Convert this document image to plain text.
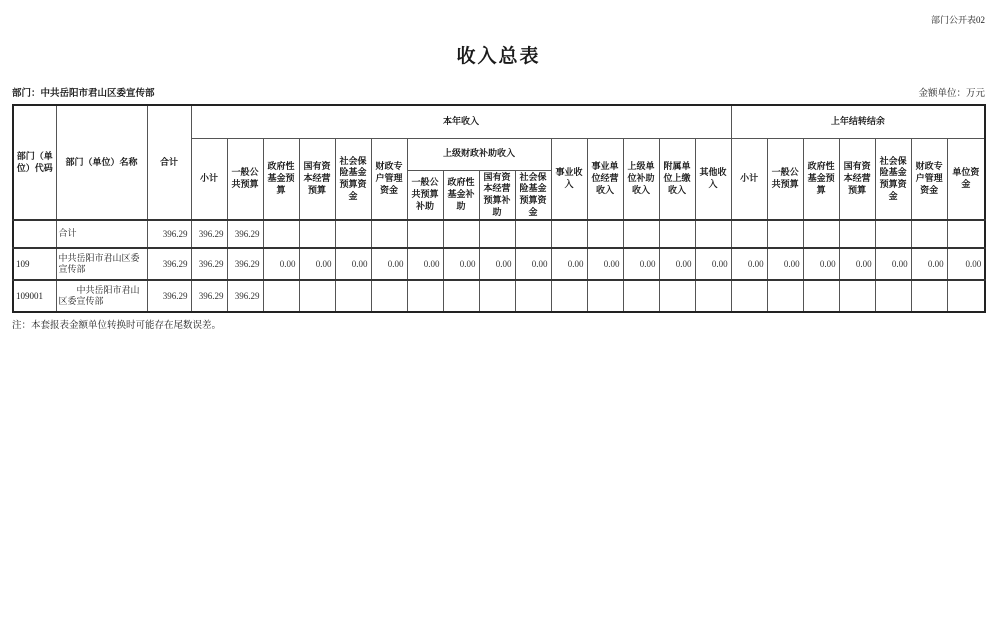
部门公开表02
收入总表
部门：中共岳阳市君山区委宣传部	金额单位：万元
部门（单位）代码	部门（单位）名称	合计	本年收入															上年结转结余						
			小计	一般公共预算	政府性基金预算	国有资本经营预算	社会保险基金预算资金	财政专户管理资金	上级财政补助收入				事业收入	事业单位经营收入	上级单位补助收入	附属单位上缴收入	其他收入	小计	一般公共预算	政府性基金预算	国有资本经营预算	社会保险基金预算资金	财政专户管理资金	单位资金
									一般公共预算补助	政府性基金补助	国有资本经营预算补助	社会保险基金预算资金												
	合计	396.29	396.29	396.29																				
109	中共岳阳市君山区委宣传部	396.29	396.29	396.29	0.00	0.00	0.00	0.00	0.00	0.00	0.00	0.00	0.00	0.00	0.00	0.00	0.00	0.00	0.00	0.00	0.00	0.00	0.00	0.00
109001	中共岳阳市君山区委宣传部	396.29	396.29	396.29																				
注：本套报表金额单位转换时可能存在尾数误差。
